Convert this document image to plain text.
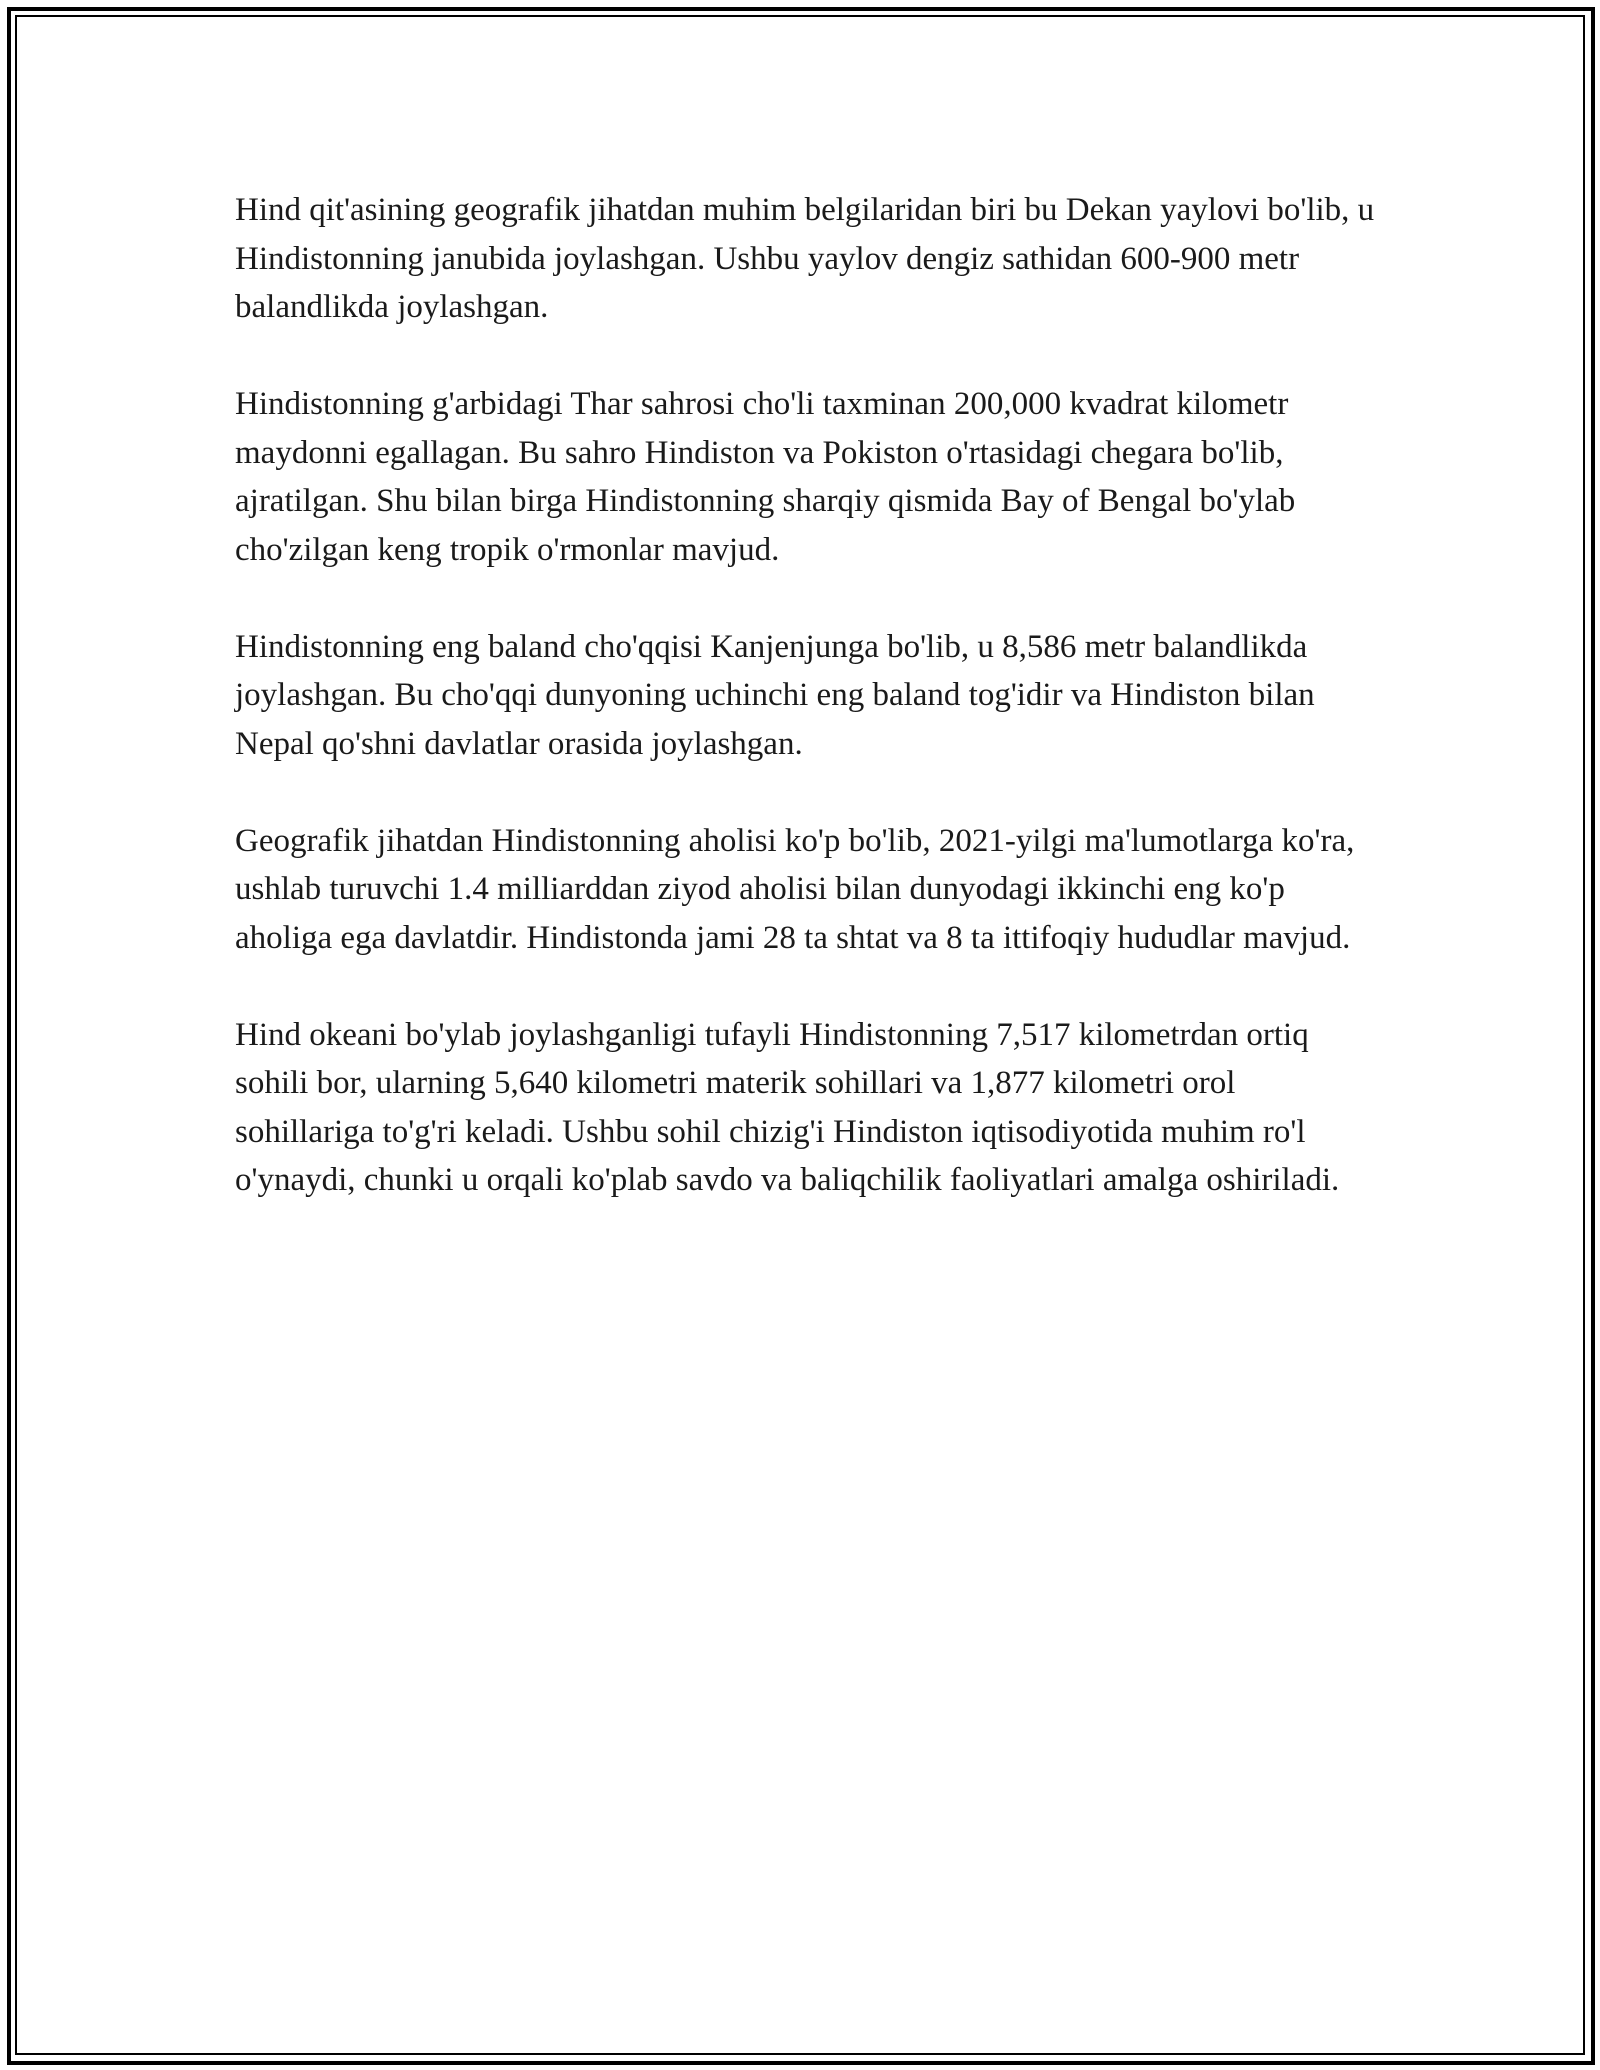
Hind qit'asining geografik jihatdan muhim belgilaridan biri bu Dekan yaylovi bo'lib, u Hindistonning janubida joylashgan. Ushbu yaylov dengiz sathidan 600-900 metr balandlikda joylashgan.

Hindistonning g'arbidagi Thar sahrosi cho'li taxminan 200,000 kvadrat kilometr maydonni egallagan. Bu sahro Hindiston va Pokiston o'rtasidagi chegara bo'lib, ajratilgan. Shu bilan birga Hindistonning sharqiy qismida Bay of Bengal bo'ylab cho'zilgan keng tropik o'rmonlar mavjud.

Hindistonning eng baland cho'qqisi Kanjenjunga bo'lib, u 8,586 metr balandlikda joylashgan. Bu cho'qqi dunyoning uchinchi eng baland tog'idir va Hindiston bilan Nepal qo'shni davlatlar orasida joylashgan.

Geografik jihatdan Hindistonning aholisi ko'p bo'lib, 2021-yilgi ma'lumotlarga ko'ra, ushlab turuvchi 1.4 milliarddan ziyod aholisi bilan dunyodagi ikkinchi eng ko'p aholiga ega davlatdir. Hindistonda jami 28 ta shtat va 8 ta ittifoqiy hududlar mavjud.

Hind okeani bo'ylab joylashganligi tufayli Hindistonning 7,517 kilometrdan ortiq sohili bor, ularning 5,640 kilometri materik sohillari va 1,877 kilometri orol sohillariga to'g'ri keladi. Ushbu sohil chizig'i Hindiston iqtisodiyotida muhim ro'l o'ynaydi, chunki u orqali ko'plab savdo va baliqchilik faoliyatlari amalga oshiriladi.
